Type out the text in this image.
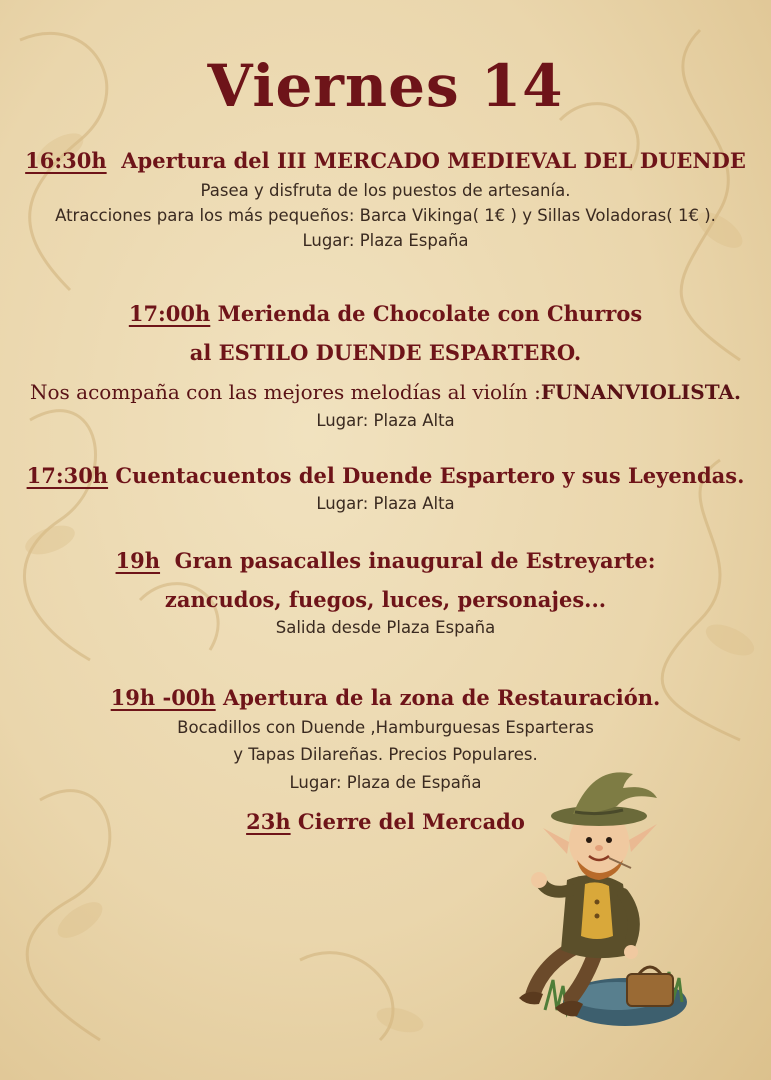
Viernes 14
16:30h Apertura del III MERCADO MEDIEVAL DEL DUENDE
Pasea y disfruta de los puestos de artesanía.
Atracciones para los más pequeños: Barca Vikinga( 1€ ) y Sillas Voladoras( 1€ ).
Lugar: Plaza España
17:00h Merienda de Chocolate con Churros
al ESTILO DUENDE ESPARTERO.
Nos acompaña con las mejores melodías al violín :FUNANVIOLISTA.
Lugar: Plaza Alta
17:30h Cuentacuentos del Duende Espartero y sus Leyendas.
Lugar: Plaza Alta
19h Gran pasacalles inaugural de Estreyarte:
zancudos, fuegos, luces, personajes...
Salida desde Plaza España
19h -00h Apertura de la zona de Restauración.
Bocadillos con Duende ,Hamburguesas Esparteras
y Tapas Dilareñas. Precios Populares.
Lugar: Plaza de España
23h Cierre del Mercado
